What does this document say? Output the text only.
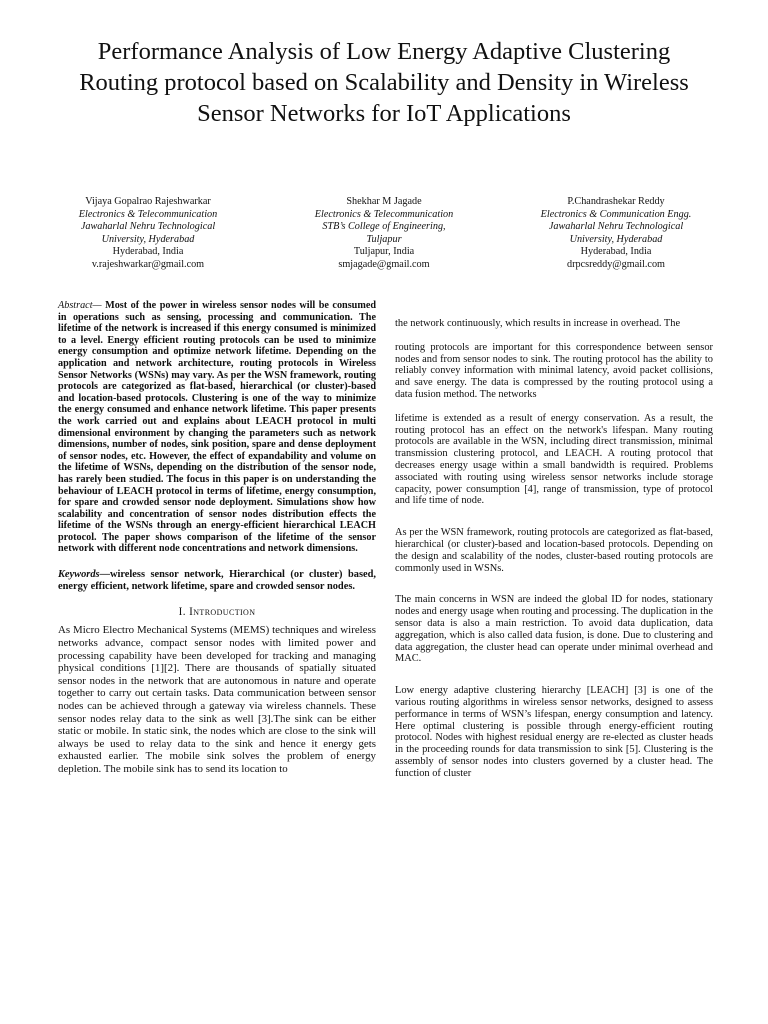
Performance Analysis of Low Energy Adaptive Clustering Routing protocol based on Scalability and Density in Wireless Sensor Networks for IoT Applications
Vijaya Gopalrao Rajeshwarkar
Electronics & Telecommunication
Jawaharlal Nehru Technological University, Hyderabad
Hyderabad, India
v.rajeshwarkar@gmail.com
Shekhar M Jagade
Electronics & Telecommunication
STB’s College of Engineering, Tuljapur
Tuljapur, India
smjagade@gmail.com
P.Chandrashekar Reddy
Electronics & Communication Engg.
Jawaharlal Nehru Technological University, Hyderabad
Hyderabad, India
drpcsreddy@gmail.com

Abstract— Most of the power in wireless sensor nodes will be consumed in operations such as sensing, processing and communication. The lifetime of the network is increased if this energy consumed is minimized to a level. Energy efficient routing protocols can be used to minimize energy consumption and optimize network lifetime. Depending on the application and network architecture, routing protocols in Wireless Sensor Networks (WSNs) may vary. As per the WSN framework, routing protocols are categorized as flat-based, hierarchical (or cluster)-based and location-based protocols. Clustering is one of the way to minimize the energy consumed and enhance network lifetime. This paper presents the work carried out and explains about LEACH protocol in multi dimensional environment by changing the parameters such as network dimensions, number of nodes, sink position, spare and dense deployment of sensor nodes, etc. However, the effect of expandability and volume on the lifetime of WSNs, depending on the distribution of the sensor node, has rarely been studied. The focus in this paper is on understanding the behaviour of LEACH protocol in terms of lifetime, energy consumption, for spare and crowded sensor node deployment. Simulations show how scalability and concentration of sensor nodes distribution effects the lifetime of the WSNs through an energy-efficient hierarchical LEACH protocol. The paper shows comparison of the lifetime of the sensor network with different node concentrations and network dimensions.

Keywords—wireless sensor network, Hierarchical (or cluster) based, energy efficient, network lifetime, spare and crowded sensor nodes.

I. Introduction

As Micro Electro Mechanical Systems (MEMS) techniques and wireless networks advance, compact sensor nodes with limited power and processing capability have been developed for tracking and managing physical conditions [1][2]. There are thousands of spatially situated sensor nodes in the network that are autonomous in nature and operate together to carry out certain tasks. Data communication between sensor nodes can be achieved through a gateway via wireless channels. These sensor nodes relay data to the sink as well [3].The sink can be either static or mobile. In static sink, the nodes which are close to the sink will always be used to relay data to the sink and hence it energy gets exhausted earlier. The mobile sink solves the problem of energy depletion. The mobile sink has to send its location to

the network continuously, which results in increase in overhead. The

routing protocols are important for this correspondence between sensor nodes and from sensor nodes to sink. The routing protocol has the ability to reliably convey information with minimal latency, avoid packet collisions, and save energy. The data is compressed by the routing protocol using a data fusion method. The networks

lifetime is extended as a result of energy conservation. As a result, the routing protocol has an effect on the network's lifespan. Many routing protocols are available in the WSN, including direct transmission, minimal transmission clustering protocol, and LEACH. A routing protocol that decreases energy usage within a small bandwidth is required. Problems associated with routing using wireless sensor networks include storage capacity, power consumption [4], range of transmission, type of protocol and life time of node.

As per the WSN framework, routing protocols are categorized as flat-based, hierarchical (or cluster)-based and location-based protocols. Depending on the design and scalability of the nodes, cluster-based routing protocols are commonly used in WSNs.

The main concerns in WSN are indeed the global ID for nodes, stationary nodes and energy usage when routing and processing. The duplication in the sensor data is also a main restriction. To avoid data duplication, data aggregation, which is also called data fusion, is done. Due to clustering and data aggregation, the cluster head can operate under minimal overhead and MAC.

Low energy adaptive clustering hierarchy [LEACH] [3] is one of the various routing algorithms in wireless sensor networks, designed to assess performance in terms of WSN’s lifespan, energy consumption and latency. Here optimal clustering is possible through energy-efficient routing protocol. Nodes with highest residual energy are re-elected as cluster heads in the proceeding rounds for data transmission to sink [5]. Clustering is the assembly of sensor nodes into clusters governed by a cluster head. The function of cluster
